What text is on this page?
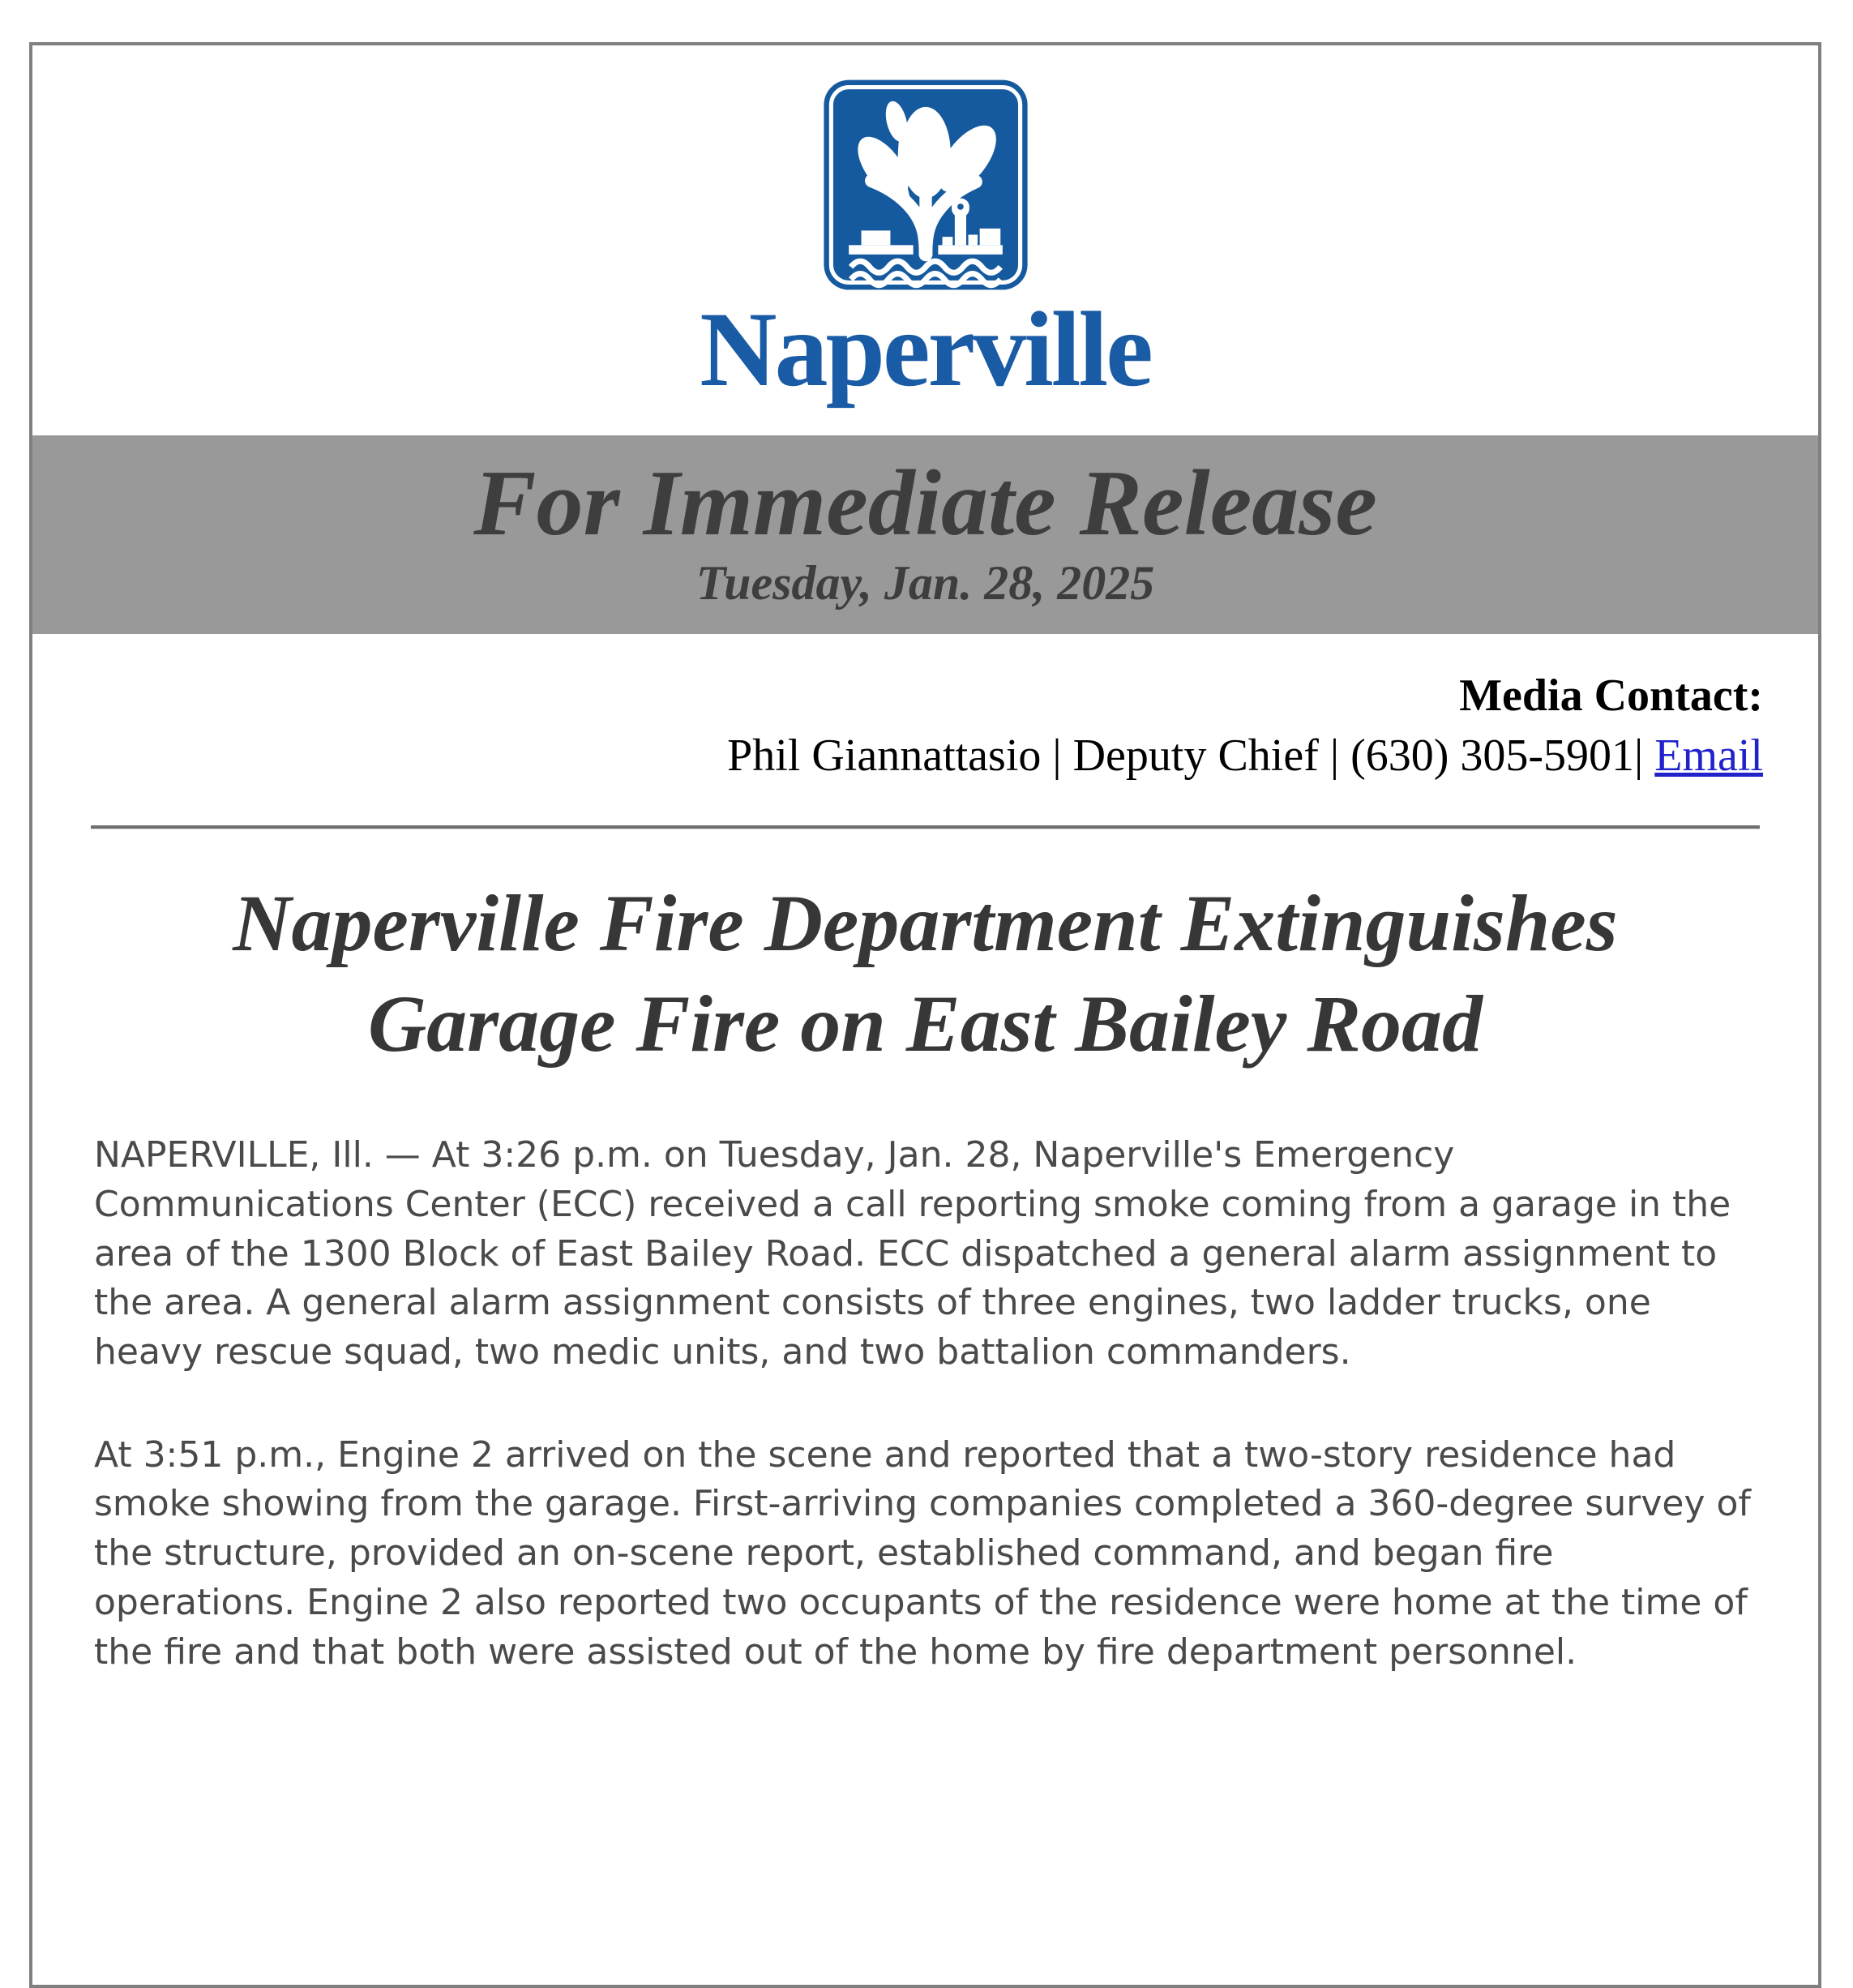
Naperville
For Immediate Release
Tuesday, Jan. 28, 2025
Media Contact:
Phil Giannattasio | Deputy Chief | (630) 305-5901| Email
Naperville Fire Department Extinguishes Garage Fire on East Bailey Road

NAPERVILLE, Ill. — At 3:26 p.m. on Tuesday, Jan. 28, Naperville's Emergency Communications Center (ECC) received a call reporting smoke coming from a garage in the area of the 1300 Block of East Bailey Road. ECC dispatched a general alarm assignment to the area. A general alarm assignment consists of three engines, two ladder trucks, one heavy rescue squad, two medic units, and two battalion commanders.

At 3:51 p.m., Engine 2 arrived on the scene and reported that a two-story residence had smoke showing from the garage. First-arriving companies completed a 360-degree survey of the structure, provided an on-scene report, established command, and began fire operations. Engine 2 also reported two occupants of the residence were home at the time of the fire and that both were assisted out of the home by fire department personnel.
